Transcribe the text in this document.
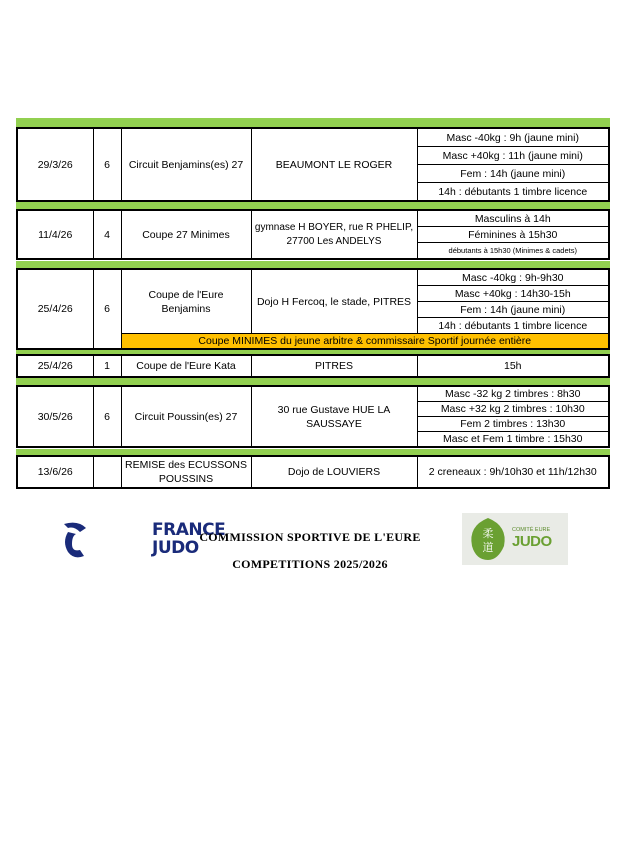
29/3/26	6	Circuit Benjamins(es) 27	BEAUMONT LE ROGER	Masc -40kg : 9h (jaune mini)
Masc +40kg : 11h (jaune mini)
Fem : 14h (jaune mini)
14h : débutants 1 timbre licence
11/4/26	4	Coupe 27 Minimes	gymnase H BOYER, rue R PHELIP, 27700 Les ANDELYS	Masculins à 14h
Féminines à 15h30
débutants à 15h30 (Minimes & cadets)
25/4/26	6	Coupe de l'Eure Benjamins	Dojo H Fercoq, le stade, PITRES	Masc -40kg : 9h-9h30
Masc +40kg : 14h30-15h
Fem : 14h (jaune mini)
14h : débutants 1 timbre licence
Coupe MINIMES du jeune arbitre & commissaire Sportif journée entière
25/4/26	1	Coupe de l'Eure Kata	PITRES	15h
30/5/26	6	Circuit Poussin(es) 27	30 rue Gustave HUE LA SAUSSAYE	Masc -32 kg 2 timbres : 8h30
Masc +32 kg 2 timbres : 10h30
Fem 2 timbres : 13h30
Masc et Fem 1 timbre : 15h30
13/6/26		REMISE des ECUSSONS POUSSINS	Dojo de LOUVIERS	2 creneaux : 9h/10h30 et 11h/12h30
FRANCE
JUDO
COMMISSION SPORTIVE DE L'EURE
COMPETITIONS 2025/2026
柔
道
COMITÉ EURE
JUDO
